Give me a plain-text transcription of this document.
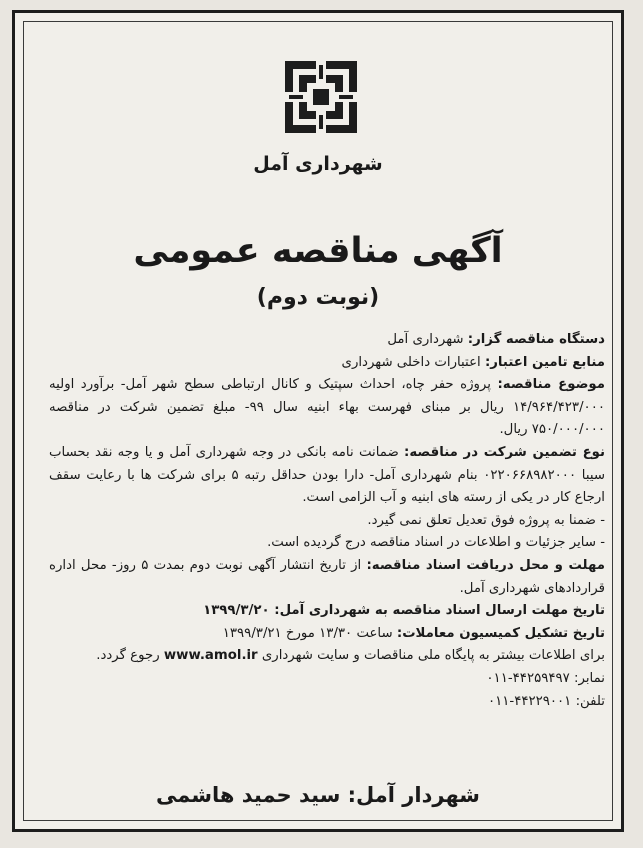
شهرداری آمل
آگهی مناقصه عمومی
(نوبت دوم)

دستگاه مناقصه گزار: شهرداری آمل

منابع تامین اعتبار: اعتبارات داخلی شهرداری

موضوع مناقصه: پروژه حفر چاه، احداث سپتیک و کانال ارتباطی سطح شهر آمل- برآورد اولیه ۱۴/۹۶۴/۴۲۳/۰۰۰ ریال بر مبنای فهرست بهاء ابنیه سال ۹۹- مبلغ تضمین شرکت در مناقصه ۷۵۰/۰۰۰/۰۰۰ ریال.

نوع تضمین شرکت در مناقصه: ضمانت نامه بانکی در وجه شهرداری آمل و یا وجه نقد بحساب سیبا ۰۲۲۰۶۶۸۹۸۲۰۰۰ بنام شهرداری آمل- دارا بودن حداقل رتبه ۵ برای شرکت ها با رعایت سقف ارجاع کار در یکی از رسته های ابنیه و آب الزامی است.

- ضمنا به پروژه فوق تعدیل تعلق نمی گیرد.

- سایر جزئیات و اطلاعات در اسناد مناقصه درج گردیده است.

مهلت و محل دریافت اسناد مناقصه: از تاریخ انتشار آگهی نوبت دوم بمدت ۵ روز- محل اداره قراردادهای شهرداری آمل.

تاریخ مهلت ارسال اسناد مناقصه به شهرداری آمل: ۱۳۹۹/۳/۲۰

تاریخ تشکیل کمیسیون معاملات: ساعت ۱۳/۳۰ مورخ ۱۳۹۹/۳/۲۱

برای اطلاعات بیشتر به پایگاه ملی مناقصات و سایت شهرداری www.amol.ir رجوع گردد.

نمابر: ۴۴۲۵۹۴۹۷-۰۱۱

تلفن: ۴۴۲۲۹۰۰۱-۰۱۱

شهردار آمل: سید حمید هاشمی
